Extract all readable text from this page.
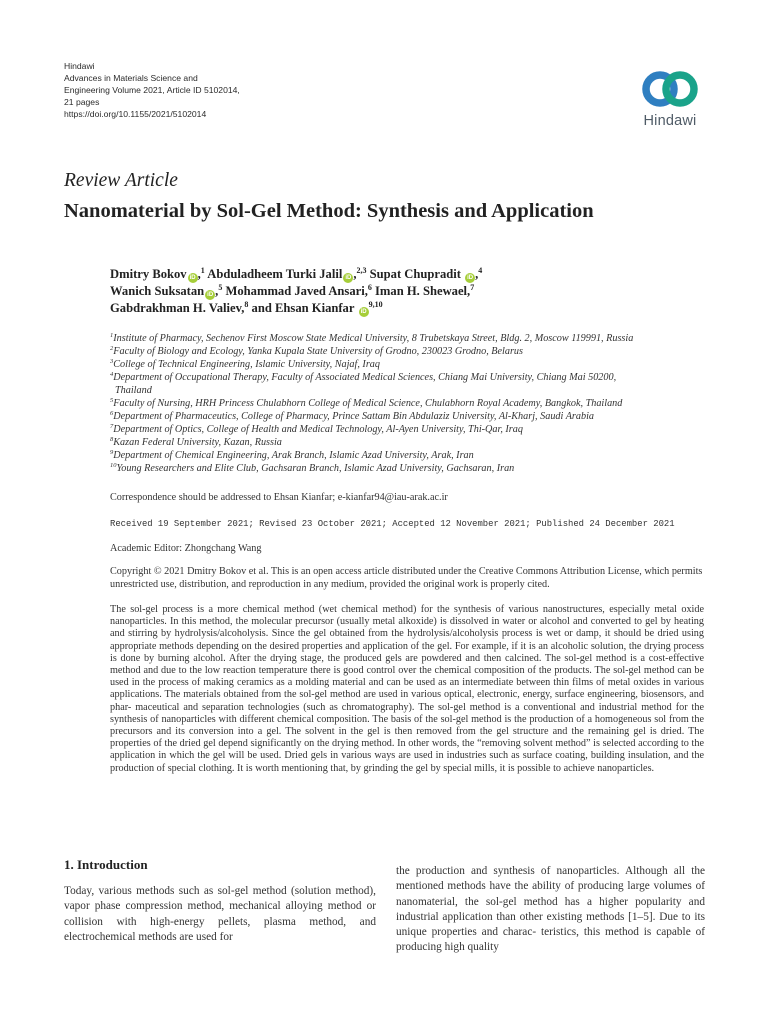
Hindawi
Advances in Materials Science and
Engineering Volume 2021, Article ID 5102014,
21 pages
https://doi.org/10.1155/2021/5102014	Hindawi
Review Article
Nanomaterial by Sol-Gel Method: Synthesis and Application
Dmitry Bokov iD ,$^1$ Abduladheem Turki Jalil iD ,$^{2,3}$ Supat Chupradit iD ,$^4$
Wanich Suksatan iD ,$^5$ Mohammad Javed Ansari,$^6$ Iman H. Shewael,$^7$
Gabdrakhman H. Valiev,$^8$ and Ehsan Kianfar iD$^{9,10}$
$^1$Institute of Pharmacy, Sechenov First Moscow State Medical University, 8 Trubetskaya Street, Bldg. 2, Moscow 119991, Russia
$^2$Faculty of Biology and Ecology, Yanka Kupala State University of Grodno, 230023 Grodno, Belarus
$^3$College of Technical Engineering, Islamic University, Najaf, Iraq
$^4$Department of Occupational Therapy, Faculty of Associated Medical Sciences, Chiang Mai University, Chiang Mai 50200,
Thailand
$^5$Faculty of Nursing, HRH Princess Chulabhorn College of Medical Science, Chulabhorn Royal Academy, Bangkok, Thailand
$^6$Department of Pharmaceutics, College of Pharmacy, Prince Sattam Bin Abdulaziz University, Al-Kharj, Saudi Arabia
$^7$Department of Optics, College of Health and Medical Technology, Al-Ayen University, Thi-Qar, Iraq
$^8$Kazan Federal University, Kazan, Russia
$^9$Department of Chemical Engineering, Arak Branch, Islamic Azad University, Arak, Iran
$^{10}$Young Researchers and Elite Club, Gachsaran Branch, Islamic Azad University, Gachsaran, Iran
Correspondence should be addressed to Ehsan Kianfar; e-kianfar94@iau-arak.ac.ir
Received 19 September 2021; Revised 23 October 2021; Accepted 12 November 2021; Published 24 December 2021
Academic Editor: Zhongchang Wang
Copyright © 2021 Dmitry Bokov et al. This is an open access article distributed under the Creative Commons Attribution License, which permits unrestricted use, distribution, and reproduction in any medium, provided the original work is properly cited.
The sol-gel process is a more chemical method (wet chemical method) for the synthesis of various nanostructures, especially metal oxide nanoparticles. In this method, the molecular precursor (usually metal alkoxide) is dissolved in water or alcohol and converted to gel by heating and stirring by hydrolysis/alcoholysis. Since the gel obtained from the hydrolysis/alcoholysis process is wet or damp, it should be dried using appropriate methods depending on the desired properties and application of the gel. For example, if it is an alcoholic solution, the drying process is done by burning alcohol. After the drying stage, the produced gels are powdered and then calcined. The sol-gel method is a cost-effective method and due to the low reaction temperature there is good control over the chemical composition of the products. The sol-gel method can be used in the process of making ceramics as a molding material and can be used as an intermediate between thin films of metal oxides in various applications. The materials obtained from the sol-gel method are used in various optical, electronic, energy, surface engineering, biosensors, and phar- maceutical and separation technologies (such as chromatography). The sol-gel method is a conventional and industrial method for the synthesis of nanoparticles with different chemical composition. The basis of the sol-gel method is the production of a homogeneous sol from the precursors and its conversion into a gel. The solvent in the gel is then removed from the gel structure and the remaining gel is dried. The properties of the dried gel depend significantly on the drying method. In other words, the “removing solvent method” is selected according to the application in which the gel will be used. Dried gels in various ways are used in industries such as surface coating, building insulation, and the production of special clothing. It is worth mentioning that, by grinding the gel by special mills, it is possible to achieve nanoparticles.
1. Introduction
Today, various methods such as sol-gel method (solution method), vapor phase compression method, mechanical alloying method or collision with high-energy pellets, plasma method, and electrochemical methods are used for
the production and synthesis of nanoparticles. Although all the mentioned methods have the ability of producing large volumes of nanomaterial, the sol-gel method has a higher popularity and industrial application than other existing methods [1–5]. Due to its unique properties and charac- teristics, this method is capable of producing high quality
